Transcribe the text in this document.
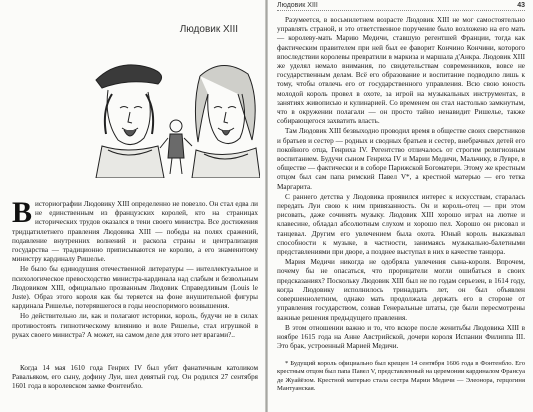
Людовик XIII
В историографии Людовику XIII определенно не повезло. Он стал едва ли не единственным из французских королей, кто на страницах исторических трудов оказался в тени своего министра. Все достижения тридцатилетнего правления Людовика XIII — победы на полях сражений, подавление внутренних волнений и раскола страны и централизация государства — традиционно приписываются не королю, а его знаменитому министру кардиналу Ришелье.

Не было бы единодушия отечественной литературы — интеллектуальное и психологическое превосходство министра-кардинала над слабым и безвольным Людовиком XIII, официально прозванным Людовик Справедливым (Louis le Juste). Образ этого короля как бы теряется на фоне внушительной фигуры кардинала Ришелье, потерявшегося в годы неоспоримого возвышения.

Но действительно ли, как и полагают историки, король, будучи не в силах противостоять гипнотическому влиянию и воле Ришелье, стал игрушкой в руках своего министра? А может, на самом деле для этого нет врагами?..

Когда 14 мая 1610 года Генрих IV был убит фанатичным католиком Равальяком, его сыну, дофину Луи, шел девятый год. Он родился 27 сентября 1601 года в королевском замке Фонтенбло.

Людовик XIII	43

Разумеется, в восьмилетнем возрасте Людовик XIII не мог самостоятельно управлять страной, и это ответственное поручение было возложено на его мать — королеву-мать Марию Медичи, ставшую регентшей Франции, тогда как фактическим правителем при ней был ее фаворит Кончино Кончини, которого впоследствии королевы превратили в маркиза и маршала д'Анкра. Людовик XIII же уделял немало внимания, по свидетельствам современников, вовсе не государственным делам. Всё его образование и воспитание подводило лишь к тому, чтобы отвлечь его от государственного управления. Всю свою юность молодой король провел в охоте, за игрой на музыкальных инструментах, в занятиях живописью и кулинарией. Со временем он стал настолько замкнутым, что в окружении полагали — он просто тайно ненавидит Ришелье, также собирающегося захватить власть.

Там Людовик XIII безвыходно проводил время в обществе своих сверстников и братьев и сестер — родных и сводных братьев и сестер, внебрачных детей его покойного отца, Генриха IV. Регентство отличалось от строгим религиозным воспитанием. Будучи сыном Генриха IV и Марии Медичи, Мальчику, в Лувре, в обществе — фактически и в соборе Парижской Богоматери. Этому же крестным отцом был сам папа римский Павел V*, а крестной матерью — его тетка Маргарита.

С раннего детства у Людовика проявился интерес к искусствам, старалась передать Луи свою к ним привязанность. Он и король-отец — при этом рисовать, даже сочинять музыку. Людовик XIII хорошо играл на лютне и клавесине, обладал абсолютным слухом и хорошо пел. Хорошо он рисовал и танцевал. Другим его увлечением была охота. Юный король выказывал способности к музыке, в частности, занимаясь музыкально-балетными представлениями при дворе, а позднее выступал в них в качестве танцора.

Мария Медичи никогда не одобряла увлечения сына-короля. Впрочем, почему бы не опасаться, что прорицатели могли ошибаться в своих предсказаниях? Поскольку Людовик XIII был не по годам серьезен, в 1614 году, когда Людовику исполнилось тринадцать лет, он был объявлен совершеннолетним, однако мать продолжала держать его в стороне от управления государством, созвав Генеральные штаты, где были пересмотрены важные решения предыдущего правления.

В этом отношении важно и то, что вскоре после женитьбы Людовика XIII в ноябре 1615 года на Анне Австрийской, дочери короля Испании Филиппа III. Это брак, устроенный Марией Медичи.

* Будущий король официально был крещен 14 сентября 1606 года в Фонтенбло. Его крестным отцом был папа Павел V, представленный на церемонии кардиналом Франсуа де Жуайёзом. Крестной матерью стала сестра Марии Медичи — Элеонора, герцогиня Мантуанская.
